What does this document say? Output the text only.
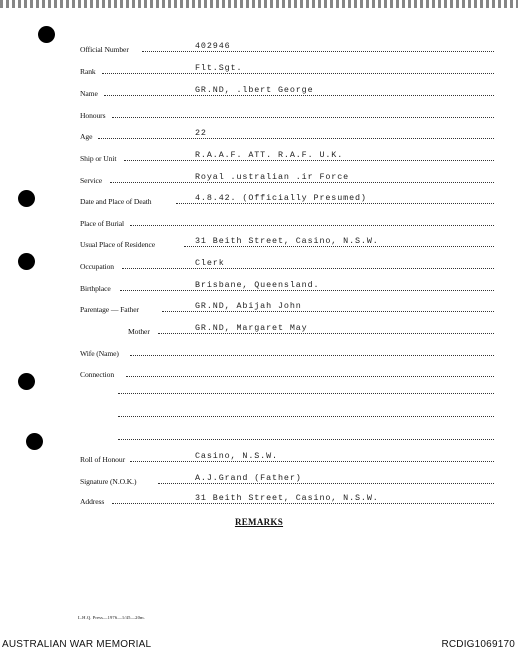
Official Number	402946
Rank	Flt.Sgt.
Name	GR.ND, .lbert George
Honours
Age	22
Ship or Unit	R.A.A.F. ATT. R.A.F. U.K.
Service	Royal .ustralian .ir Force
Date and Place of Death	4.8.42. (Officially Presumed)
Place of Burial
Usual Place of Residence	31 Beith Street, Casino, N.S.W.
Occupation	Clerk
Birthplace	Brisbane, Queensland.
Parentage — Father	GR.ND, Abijah John
Mother	GR.ND, Margaret May
Wife (Name)
Connection
Roll of Honour	Casino, N.S.W.
Signature (N.O.K.)	A.J.Grand (Father)
Address	31 Beith Street, Casino, N.S.W.
REMARKS
L.H.Q. Press—1976—1/45—20m.
AUSTRALIAN WAR MEMORIAL	RCDIG1069170
